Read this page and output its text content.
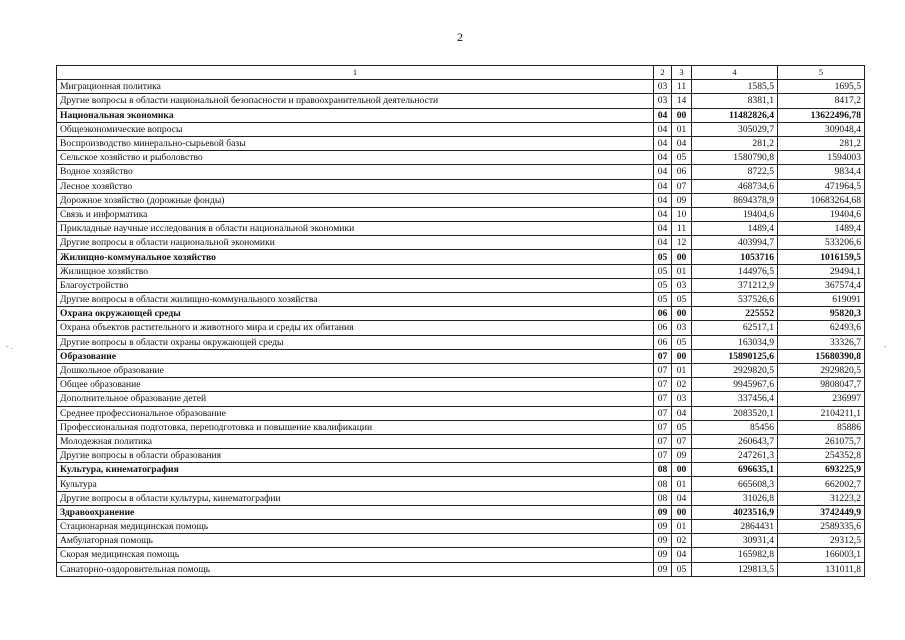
2
- .	-
1	2	3	4	5
Миграционная политика	03	11	1585,5	1695,5
Другие вопросы в области национальной безопасности и правоохранительной деятельности	03	14	8381,1	8417,2
Национальная экономика	04	00	11482826,4	13622496,78
Общеэкономические вопросы	04	01	305029,7	309048,4
Воспроизводство минерально-сырьевой базы	04	04	281,2	281,2
Сельское хозяйство и рыболовство	04	05	1580790,8	1594003
Водное хозяйство	04	06	8722,5	9834,4
Лесное хозяйство	04	07	468734,6	471964,5
Дорожное хозяйство (дорожные фонды)	04	09	8694378,9	10683264,68
Связь и информатика	04	10	19404,6	19404,6
Прикладные научные исследования в области национальной экономики	04	11	1489,4	1489,4
Другие вопросы в области национальной экономики	04	12	403994,7	533206,6
Жилищно-коммунальное хозяйство	05	00	1053716	1016159,5
Жилищное хозяйство	05	01	144976,5	29494,1
Благоустройство	05	03	371212,9	367574,4
Другие вопросы в области жилищно-коммунального хозяйства	05	05	537526,6	619091
Охрана окружающей среды	06	00	225552	95820,3
Охрана объектов растительного и животного мира и среды их обитания	06	03	62517,1	62493,6
Другие вопросы в области охраны окружающей среды	06	05	163034,9	33326,7
Образование	07	00	15890125,6	15680390,8
Дошкольное образование	07	01	2929820,5	2929820,5
Общее образование	07	02	9945967,6	9808047,7
Дополнительное образование детей	07	03	337456,4	236997
Среднее профессиональное образование	07	04	2083520,1	2104211,1
Профессиональная подготовка, переподготовка и повышение квалификации	07	05	85456	85886
Молодежная политика	07	07	260643,7	261075,7
Другие вопросы в области образования	07	09	247261,3	254352,8
Культура, кинематография	08	00	696635,1	693225,9
Культура	08	01	665608,3	662002,7
Другие вопросы в области культуры, кинематографии	08	04	31026,8	31223,2
Здравоохранение	09	00	4023516,9	3742449,9
Стационарная медицинская помощь	09	01	2864431	2589335,6
Амбулаторная помощь	09	02	30931,4	29312,5
Скорая медицинская помощь	09	04	165982,8	166003,1
Санаторно-оздоровительная помощь	09	05	129813,5	131011,8
